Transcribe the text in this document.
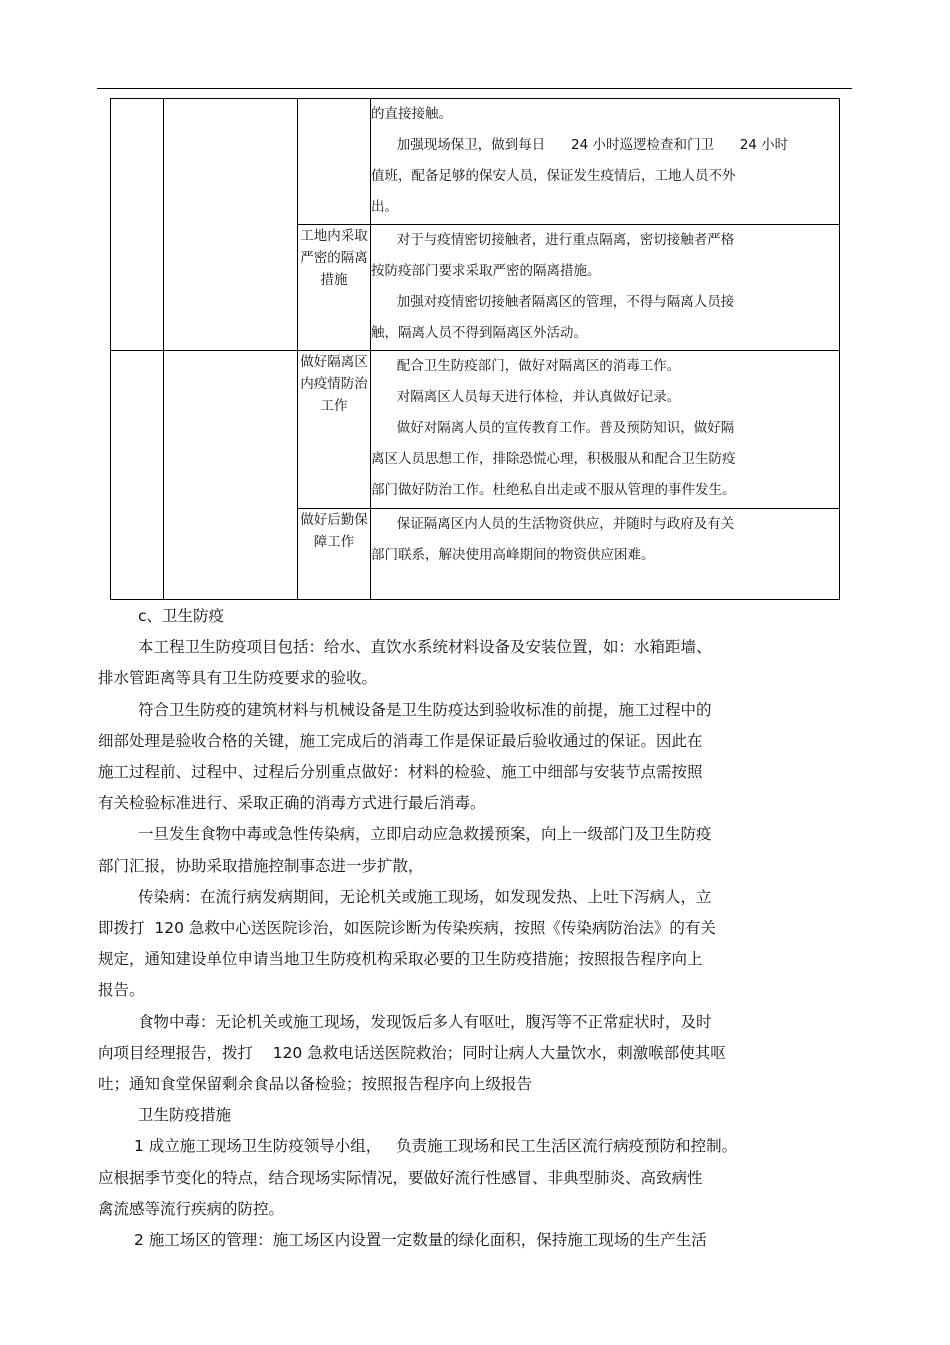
			的直接接触。

加强现场保卫，做到每日      24 小时巡逻检查和门卫      24 小时

值班，配备足够的保安人员，保证发生疫情后，工地人员不外

出。

		工地内采取严密的隔离措施	对于与疫情密切接触者，进行重点隔离，密切接触者严格

按防疫部门要求采取严密的隔离措施。

加强对疫情密切接触者隔离区的管理，不得与隔离人员接

触，隔离人员不得到隔离区外活动。

		做好隔离区内疫情防治工作	配合卫生防疫部门，做好对隔离区的消毒工作。

对隔离区人员每天进行体检，并认真做好记录。

做好对隔离人员的宣传教育工作。普及预防知识，做好隔

离区人员思想工作，排除恐慌心理，积极服从和配合卫生防疫

部门做好防治工作。杜绝私自出走或不服从管理的事件发生。

		做好后勤保障工作	保证隔离区内人员的生活物资供应，并随时与政府及有关

部门联系，解决使用高峰期间的物资供应困难。

c、卫生防疫

本工程卫生防疫项目包括：给水、直饮水系统材料设备及安装位置，如：水箱距墙、

排水管距离等具有卫生防疫要求的验收。

符合卫生防疫的建筑材料与机械设备是卫生防疫达到验收标准的前提，施工过程中的

细部处理是验收合格的关键，施工完成后的消毒工作是保证最后验收通过的保证。因此在

施工过程前、过程中、过程后分别重点做好：材料的检验、施工中细部与安装节点需按照

有关检验标准进行、采取正确的消毒方式进行最后消毒。

一旦发生食物中毒或急性传染病，立即启动应急救援预案，向上一级部门及卫生防疫

部门汇报，协助采取措施控制事态进一步扩散，

传染病：在流行病发病期间，无论机关或施工现场，如发现发热、上吐下泻病人，立

即拨打  120 急救中心送医院诊治，如医院诊断为传染疾病，按照《传染病防治法》的有关

规定，通知建设单位申请当地卫生防疫机构采取必要的卫生防疫措施；按照报告程序向上

报告。

食物中毒：无论机关或施工现场，发现饭后多人有呕吐，腹泻等不正常症状时，及时

向项目经理报告，拨打    120 急救电话送医院救治；同时让病人大量饮水，刺激喉部使其呕

吐；通知食堂保留剩余食品以备检验；按照报告程序向上级报告

卫生防疫措施

1 成立施工现场卫生防疫领导小组，   负责施工现场和民工生活区流行病疫预防和控制。

应根据季节变化的特点，结合现场实际情况，要做好流行性感冒、非典型肺炎、高致病性

禽流感等流行疾病的防控。

2 施工场区的管理：施工场区内设置一定数量的绿化面积，保持施工现场的生产生活
